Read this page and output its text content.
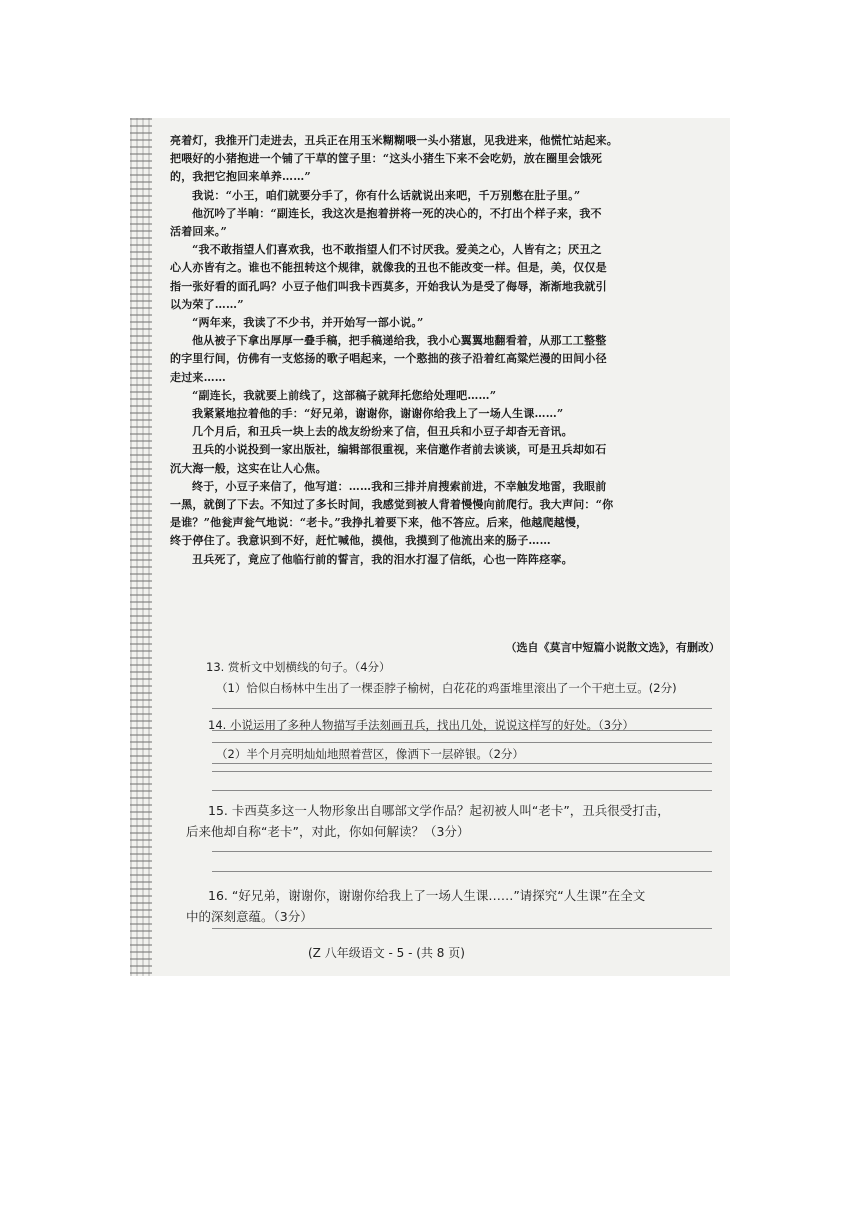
亮着灯，我推开门走进去，丑兵正在用玉米糊糊喂一头小猪崽，见我进来，他慌忙站起来。

把喂好的小猪抱进一个铺了干草的筐子里：“这头小猪生下来不会吃奶，放在圈里会饿死

的，我把它抱回来单养……”

我说：“小王，咱们就要分手了，你有什么话就说出来吧，千万别憋在肚子里。”

他沉吟了半晌：“副连长，我这次是抱着拼将一死的决心的，不打出个样子来，我不

活着回来。”

“我不敢指望人们喜欢我，也不敢指望人们不讨厌我。爱美之心，人皆有之；厌丑之

心人亦皆有之。谁也不能扭转这个规律，就像我的丑也不能改变一样。但是，美，仅仅是

指一张好看的面孔吗？小豆子他们叫我卡西莫多，开始我认为是受了侮辱，渐渐地我就引

以为荣了……”

“两年来，我读了不少书，并开始写一部小说。”

他从被子下拿出厚厚一叠手稿，把手稿递给我，我小心翼翼地翻看着，从那工工整整

的字里行间，仿佛有一支悠扬的歌子唱起来，一个憨拙的孩子沿着红高粱烂漫的田间小径

走过来……

“副连长，我就要上前线了，这部稿子就拜托您给处理吧……”

我紧紧地拉着他的手：“好兄弟，谢谢你，谢谢你给我上了一场人生课……”

几个月后，和丑兵一块上去的战友纷纷来了信，但丑兵和小豆子却杳无音讯。

丑兵的小说投到一家出版社，编辑部很重视，来信邀作者前去谈谈，可是丑兵却如石

沉大海一般，这实在让人心焦。

终于，小豆子来信了，他写道：……我和三排并肩搜索前进，不幸触发地雷，我眼前

一黑，就倒了下去。不知过了多长时间，我感觉到被人背着慢慢向前爬行。我大声问：“你

是谁？”他瓮声瓮气地说：“老卡。”我挣扎着要下来，他不答应。后来，他越爬越慢，

终于停住了。我意识到不好，赶忙喊他，摸他，我摸到了他流出来的肠子……

丑兵死了，竟应了他临行前的誓言，我的泪水打湿了信纸，心也一阵阵痉挛。

（选自《莫言中短篇小说散文选》，有删改）
13. 赏析文中划横线的句子。（4分）
（1）恰似白杨林中生出了一棵歪脖子榆树，白花花的鸡蛋堆里滚出了一个干疤土豆。(2分)
（2）半个月亮明灿灿地照着营区，像洒下一层碎银。（2分）
14. 小说运用了多种人物描写手法刻画丑兵，找出几处，说说这样写的好处。（3分）
15. 卡西莫多这一人物形象出自哪部文学作品？起初被人叫“老卡”，丑兵很受打击，
后来他却自称“老卡”，对此，你如何解读？（3分）
16. “好兄弟，谢谢你，谢谢你给我上了一场人生课……”请探究“人生课”在全文
中的深刻意蕴。（3分）
(Z 八年级语文 - 5 - (共 8 页)
